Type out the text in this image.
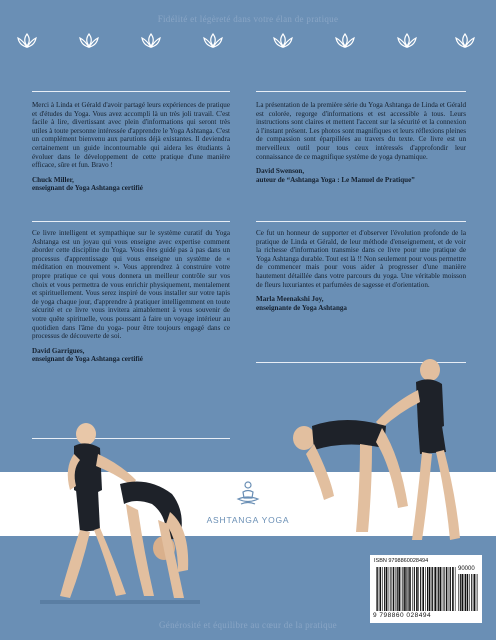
Fidélité et légèreté dans votre élan de pratique

Merci à Linda et Gérald d'avoir partagé leurs expériences de pratique et d'études du Yoga. Vous avez accompli là un très joli travail. C'est facile à lire, divertissant avec plein d'informations qui seront très utiles à toute personne intéressée d'apprendre le Yoga Ashtanga. C'est un complément bienvenu aux parutions déjà existantes. Il deviendra certainement un guide incontournable qui aidera les étudiants à évoluer dans le développement de cette pratique d'une manière efficace, sûre et fun. Bravo !

Chuck Miller,
enseignant de Yoga Ashtanga certifié

La présentation de la première série du Yoga Ashtanga de Linda et Gérald est colorée, regorge d'informations et est accessible à tous. Leurs instructions sont claires et mettent l'accent sur la sécurité et la connexion à l'instant présent. Les photos sont magnifiques et leurs réflexions pleines de compassion sont éparpillées au travers du texte. Ce livre est un merveilleux outil pour tous ceux intéressés d'approfondir leur connaissance de ce magnifique système de yoga dynamique.

David Swenson,
auteur de “Ashtanga Yoga : Le Manuel de Pratique”

Ce livre intelligent et sympathique sur le système curatif du Yoga Ashtanga est un joyau qui vous enseigne avec expertise comment aborder cette discipline du Yoga. Vous êtes guidé pas à pas dans un processus d'apprentissage qui vous enseigne un système de « méditation en mouvement ». Vous apprendrez à construire votre propre pratique ce qui vous donnera un meilleur contrôle sur vos choix et vous permettra de vous enrichir physiquement, mentalement et spirituellement. Vous serez inspiré de vous installer sur votre tapis de yoga chaque jour, d'apprendre à pratiquer intelligemment en toute sécurité et ce livre vous invitera aimablement à vous souvenir de votre quête spirituelle, vous poussant à faire un voyage intérieur au quotidien dans l'âme du yoga- pour être toujours engagé dans ce processus de découverte de soi.

David Garrigues,
enseignant de Yoga Ashtanga certifié

Ce fut un honneur de supporter et d'observer l'évolution profonde de la pratique de Linda et Gérald, de leur méthode d'enseignement, et de voir la richesse d'information transmise dans ce livre pour une pratique de Yoga Ashtanga durable. Tout est là !! Non seulement pour vous permettre de commencer mais pour vous aider à progresser d'une manière hautement détaillée dans votre parcours du yoga. Une véritable moisson de fleurs luxuriantes et parfumées de sagesse et d'orientation.

Marla Meenakshi Joy,
enseignante de Yoga Ashtanga
ASHTANGA YOGA
ISBN 9798860028494
90000
9 798860 028494
Générosité et équilibre au cœur de la pratique
